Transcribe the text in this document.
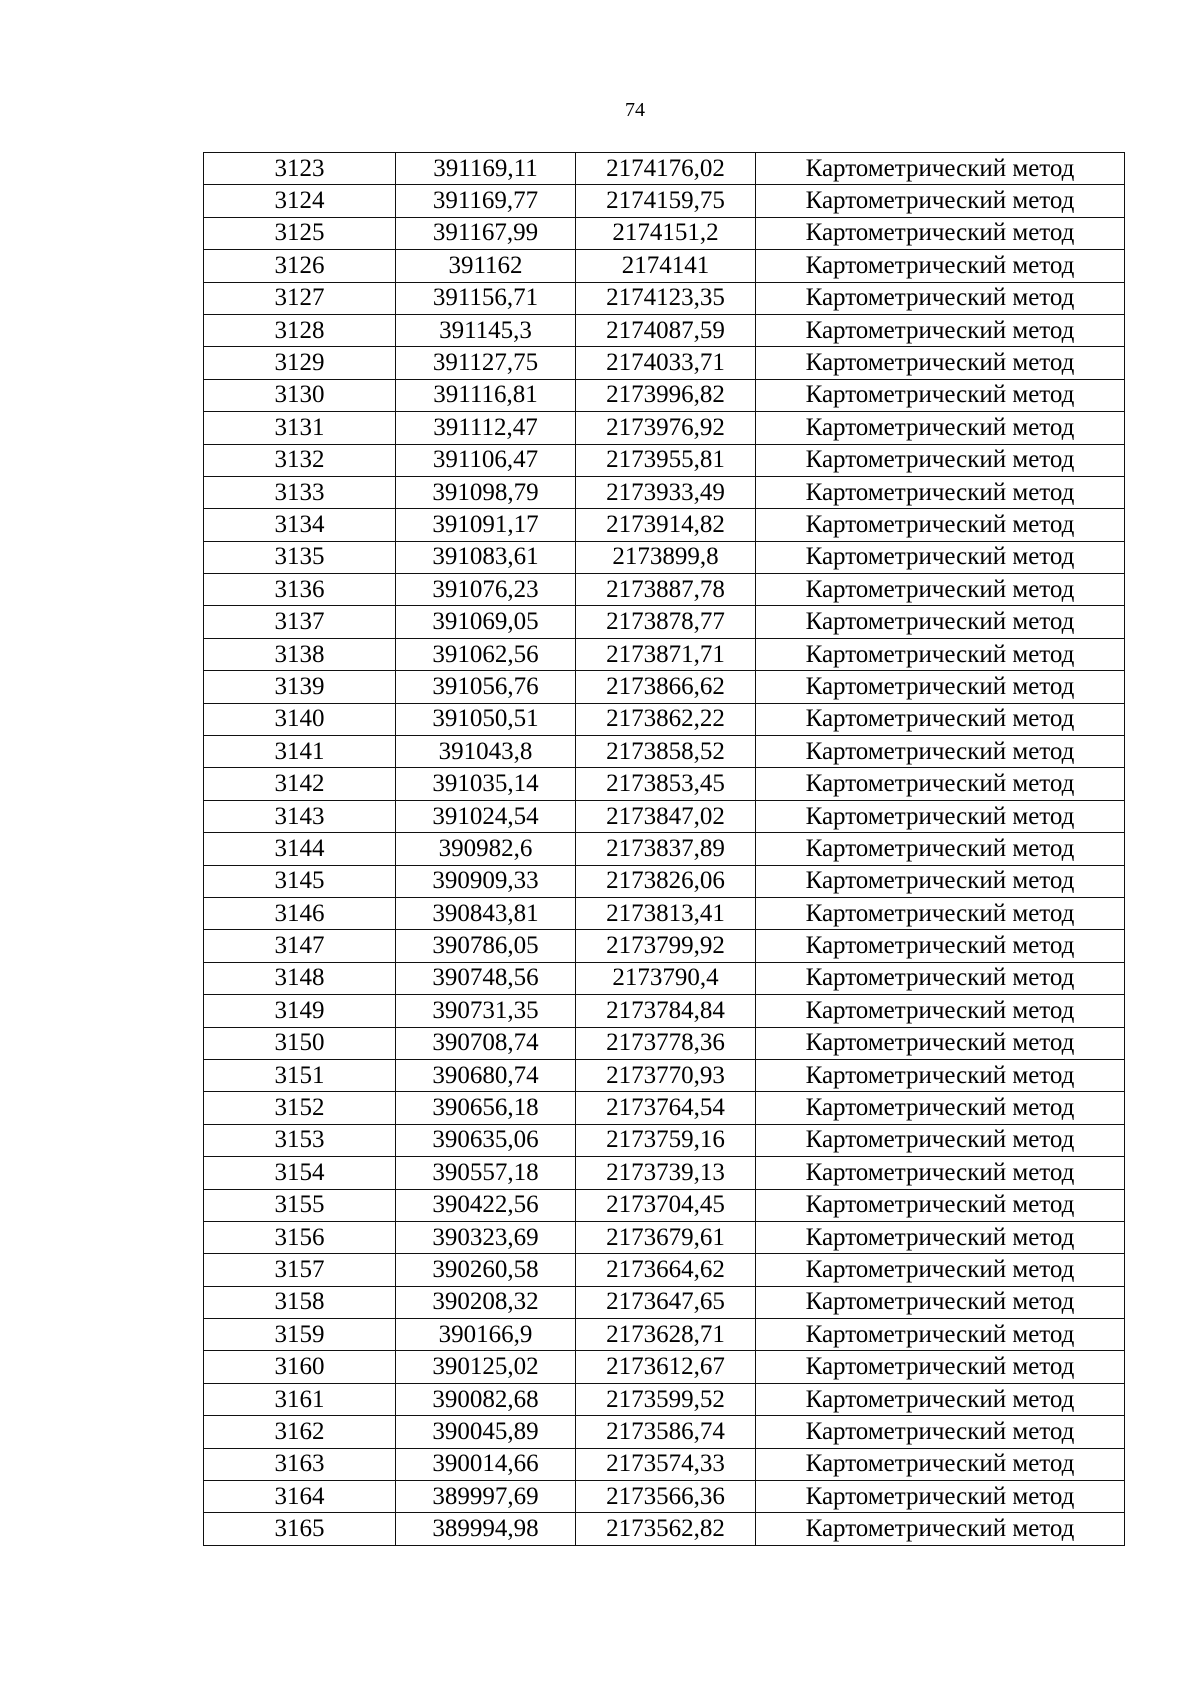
74
3123	391169,11	2174176,02	Картометрический метод
3124	391169,77	2174159,75	Картометрический метод
3125	391167,99	2174151,2	Картометрический метод
3126	391162	2174141	Картометрический метод
3127	391156,71	2174123,35	Картометрический метод
3128	391145,3	2174087,59	Картометрический метод
3129	391127,75	2174033,71	Картометрический метод
3130	391116,81	2173996,82	Картометрический метод
3131	391112,47	2173976,92	Картометрический метод
3132	391106,47	2173955,81	Картометрический метод
3133	391098,79	2173933,49	Картометрический метод
3134	391091,17	2173914,82	Картометрический метод
3135	391083,61	2173899,8	Картометрический метод
3136	391076,23	2173887,78	Картометрический метод
3137	391069,05	2173878,77	Картометрический метод
3138	391062,56	2173871,71	Картометрический метод
3139	391056,76	2173866,62	Картометрический метод
3140	391050,51	2173862,22	Картометрический метод
3141	391043,8	2173858,52	Картометрический метод
3142	391035,14	2173853,45	Картометрический метод
3143	391024,54	2173847,02	Картометрический метод
3144	390982,6	2173837,89	Картометрический метод
3145	390909,33	2173826,06	Картометрический метод
3146	390843,81	2173813,41	Картометрический метод
3147	390786,05	2173799,92	Картометрический метод
3148	390748,56	2173790,4	Картометрический метод
3149	390731,35	2173784,84	Картометрический метод
3150	390708,74	2173778,36	Картометрический метод
3151	390680,74	2173770,93	Картометрический метод
3152	390656,18	2173764,54	Картометрический метод
3153	390635,06	2173759,16	Картометрический метод
3154	390557,18	2173739,13	Картометрический метод
3155	390422,56	2173704,45	Картометрический метод
3156	390323,69	2173679,61	Картометрический метод
3157	390260,58	2173664,62	Картометрический метод
3158	390208,32	2173647,65	Картометрический метод
3159	390166,9	2173628,71	Картометрический метод
3160	390125,02	2173612,67	Картометрический метод
3161	390082,68	2173599,52	Картометрический метод
3162	390045,89	2173586,74	Картометрический метод
3163	390014,66	2173574,33	Картометрический метод
3164	389997,69	2173566,36	Картометрический метод
3165	389994,98	2173562,82	Картометрический метод
